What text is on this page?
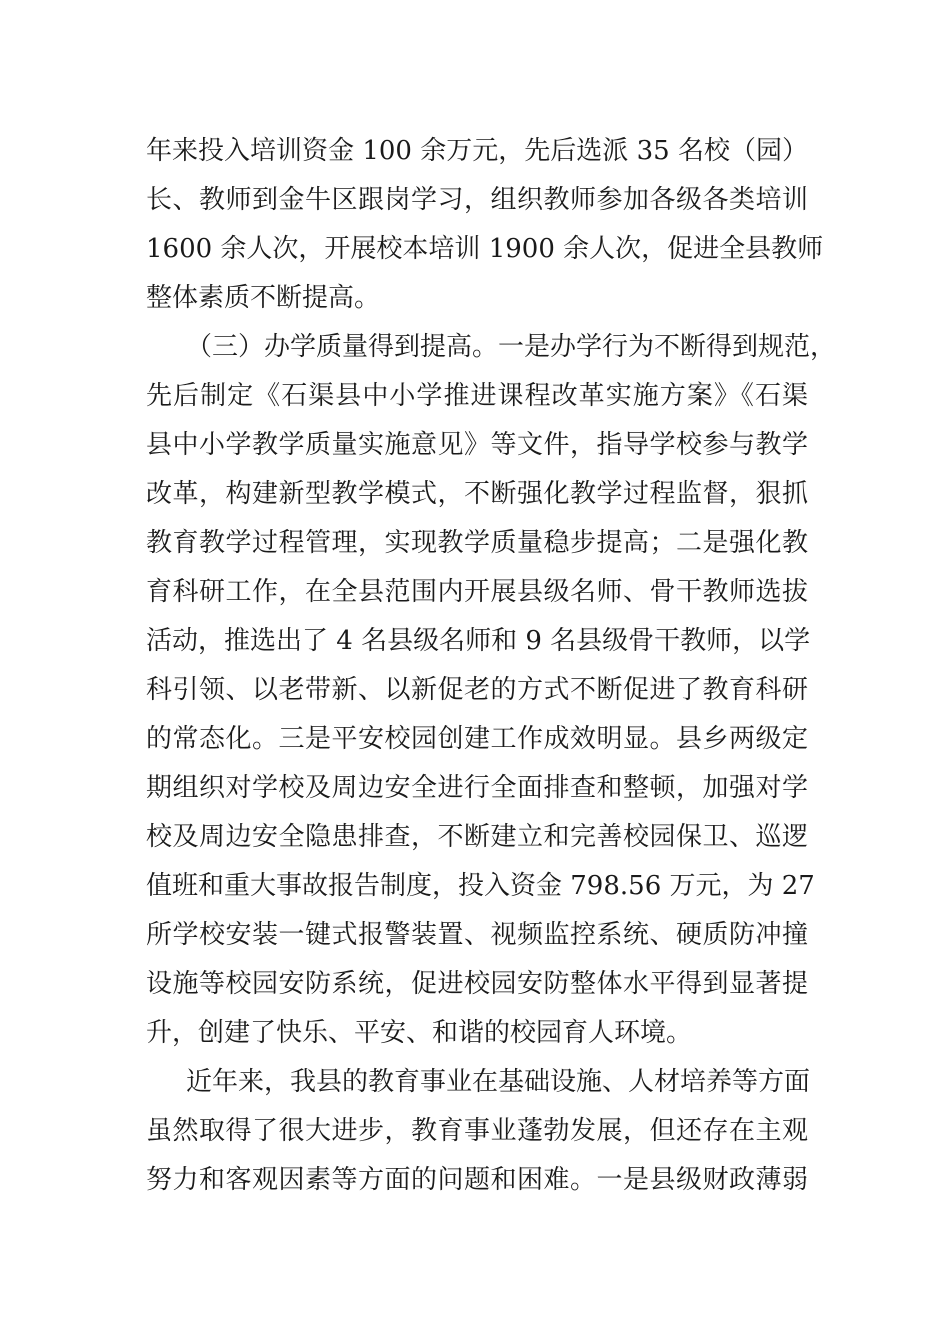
年来投入培训资金 100 余万元，先后选派 35 名校（园）
长、教师到金牛区跟岗学习，组织教师参加各级各类培训
1600 余人次，开展校本培训 1900 余人次，促进全县教师
整体素质不断提高。
（三）办学质量得到提高。一是办学行为不断得到规范，
先后制定《石渠县中小学推进课程改革实施方案》《石渠
县中小学教学质量实施意见》等文件，指导学校参与教学
改革，构建新型教学模式，不断强化教学过程监督，狠抓
教育教学过程管理，实现教学质量稳步提高；二是强化教
育科研工作，在全县范围内开展县级名师、骨干教师选拔
活动，推选出了 4 名县级名师和 9 名县级骨干教师，以学
科引领、以老带新、以新促老的方式不断促进了教育科研
的常态化。三是平安校园创建工作成效明显。县乡两级定
期组织对学校及周边安全进行全面排查和整顿，加强对学
校及周边安全隐患排查，不断建立和完善校园保卫、巡逻
值班和重大事故报告制度，投入资金 798.56 万元，为 27
所学校安装一键式报警装置、视频监控系统、硬质防冲撞
设施等校园安防系统，促进校园安防整体水平得到显著提
升，创建了快乐、平安、和谐的校园育人环境。
近年来，我县的教育事业在基础设施、人材培养等方面
虽然取得了很大进步，教育事业蓬勃发展，但还存在主观
努力和客观因素等方面的问题和困难。一是县级财政薄弱
